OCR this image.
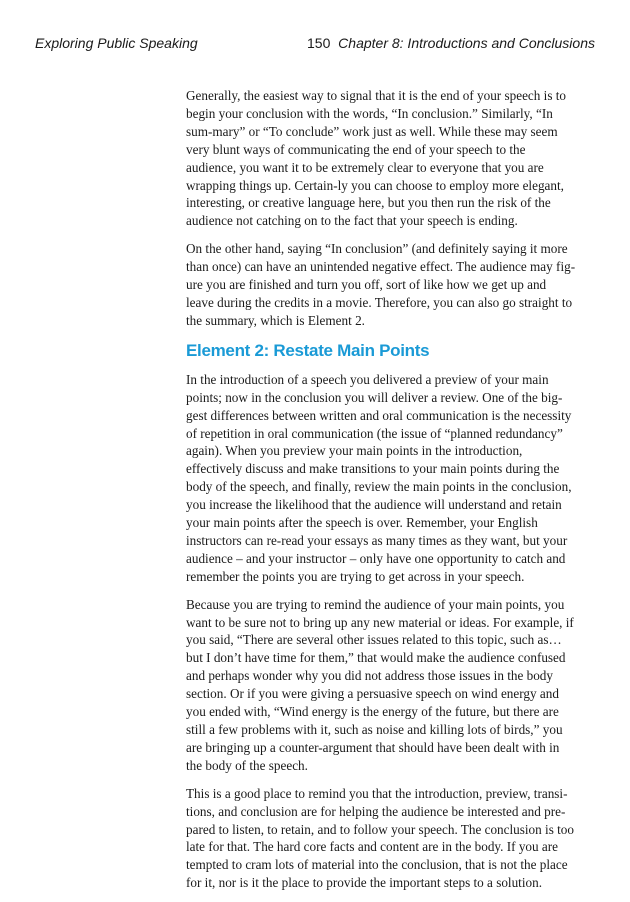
Exploring Public Speaking	150 Chapter 8: Introductions and Conclusions

Generally, the easiest way to signal that it is the end of your speech is to begin your conclusion with the words, “In conclusion.” Similarly, “In sum-mary” or “To conclude” work just as well. While these may seem very blunt ways of communicating the end of your speech to the audience, you want it to be extremely clear to everyone that you are wrapping things up. Certain-ly you can choose to employ more elegant, interesting, or creative language here, but you then run the risk of the audience not catching on to the fact that your speech is ending.

On the other hand, saying “In conclusion” (and definitely saying it more than once) can have an unintended negative effect. The audience may fig-ure you are finished and turn you off, sort of like how we get up and leave during the credits in a movie. Therefore, you can also go straight to the summary, which is Element 2.

Element 2: Restate Main Points

In the introduction of a speech you delivered a preview of your main points; now in the conclusion you will deliver a review. One of the big-gest differences between written and oral communication is the necessity of repetition in oral communication (the issue of “planned redundancy” again). When you preview your main points in the introduction, effectively discuss and make transitions to your main points during the body of the speech, and finally, review the main points in the conclusion, you increase the likelihood that the audience will understand and retain your main points after the speech is over. Remember, your English instructors can re-read your essays as many times as they want, but your audience – and your instructor – only have one opportunity to catch and remember the points you are trying to get across in your speech.

Because you are trying to remind the audience of your main points, you want to be sure not to bring up any new material or ideas. For example, if you said, “There are several other issues related to this topic, such as…but I don’t have time for them,” that would make the audience confused and perhaps wonder why you did not address those issues in the body section. Or if you were giving a persuasive speech on wind energy and you ended with, “Wind energy is the energy of the future, but there are still a few problems with it, such as noise and killing lots of birds,” you are bringing up a counter-argument that should have been dealt with in the body of the speech.

This is a good place to remind you that the introduction, preview, transi-tions, and conclusion are for helping the audience be interested and pre-pared to listen, to retain, and to follow your speech. The conclusion is too late for that. The hard core facts and content are in the body. If you are tempted to cram lots of material into the conclusion, that is not the place for it, nor is it the place to provide the important steps to a solution.
